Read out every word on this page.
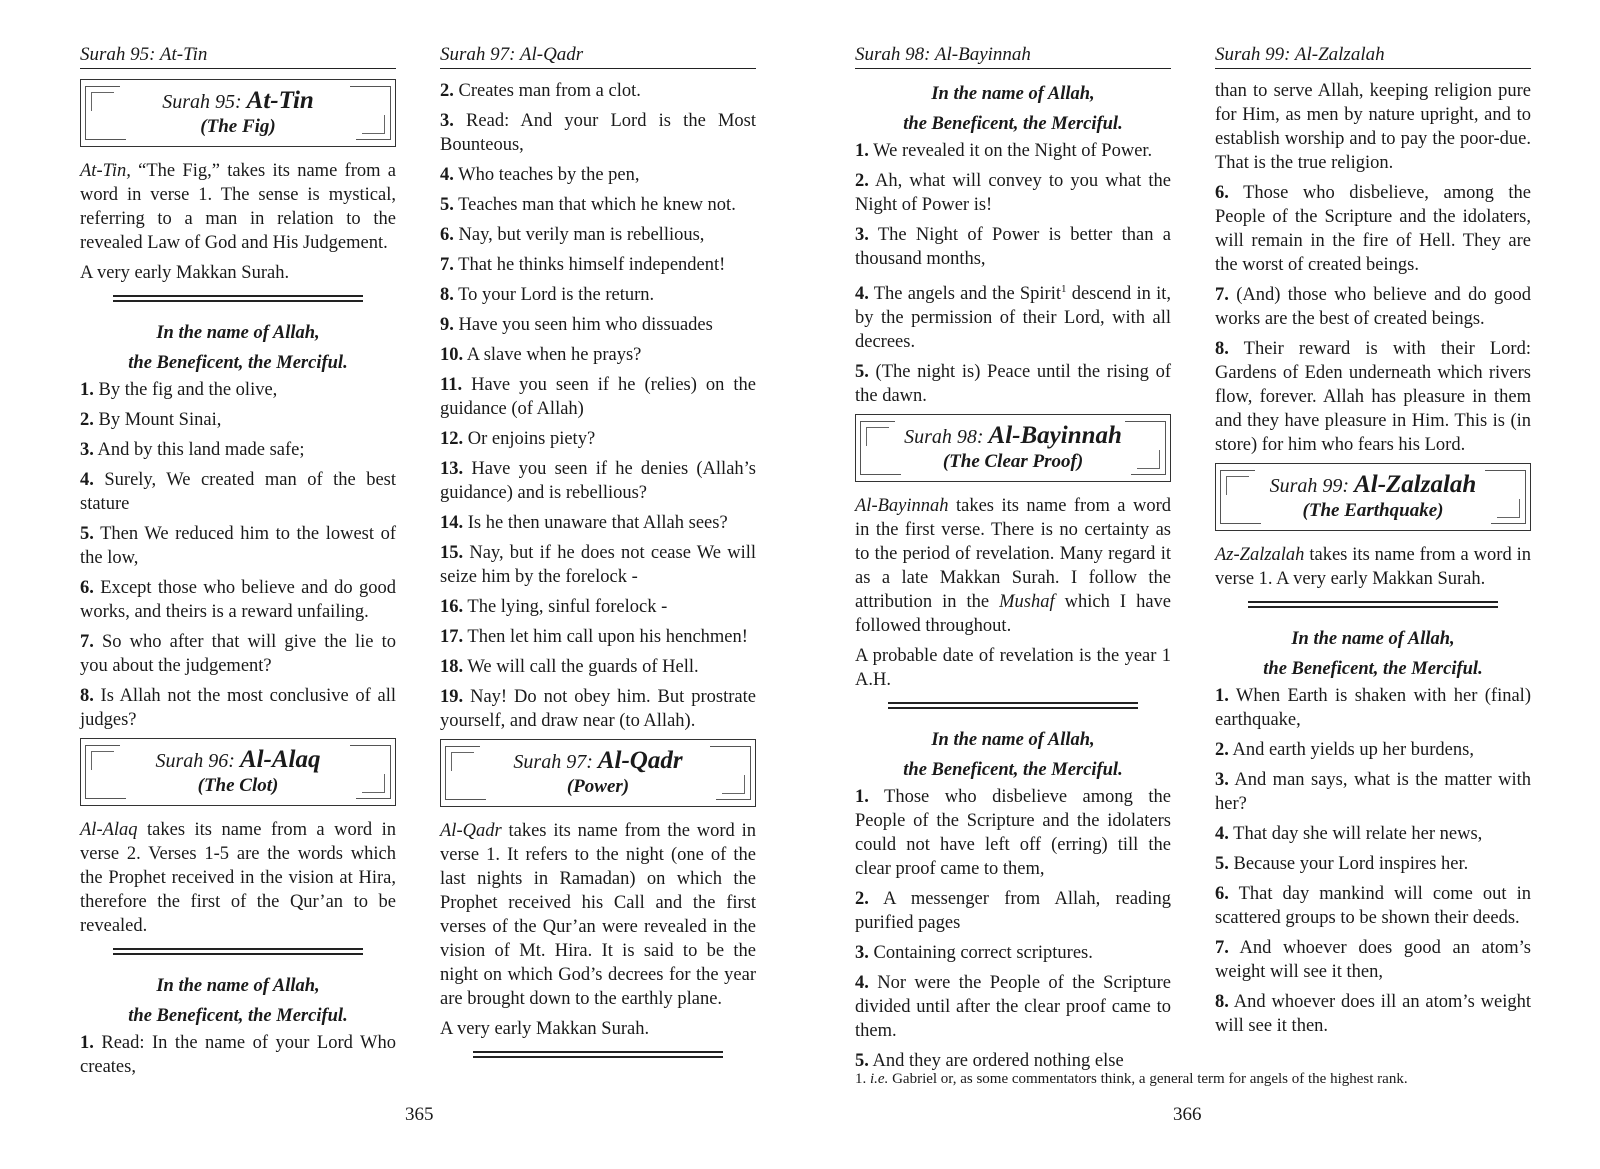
Surah 95: At-Tin
Surah 95: At-Tin
(The Fig)

At-Tin, “The Fig,” takes its name from a word in verse 1. The sense is mystical, referring to a man in relation to the revealed Law of God and His Judgement.

A very early Makkan Surah.

In the name of Allah,
the Beneficent, the Merciful.

1. By the fig and the olive,

2. By Mount Sinai,

3. And by this land made safe;

4. Surely, We created man of the best stature

5. Then We reduced him to the lowest of the low,

6. Except those who believe and do good works, and theirs is a reward unfailing.

7. So who after that will give the lie to you about the judgement?

8. Is Allah not the most conclusive of all judges?

Surah 96: Al-Alaq
(The Clot)

Al-Alaq takes its name from a word in verse 2. Verses 1-5 are the words which the Prophet received in the vision at Hira, therefore the first of the Qur’an to be revealed.

In the name of Allah,
the Beneficent, the Merciful.

1. Read: In the name of your Lord Who creates,

Surah 97: Al-Qadr

2. Creates man from a clot.

3. Read: And your Lord is the Most Bounteous,

4. Who teaches by the pen,

5. Teaches man that which he knew not.

6. Nay, but verily man is rebellious,

7. That he thinks himself independent!

8. To your Lord is the return.

9. Have you seen him who dissuades

10. A slave when he prays?

11. Have you seen if he (relies) on the guidance (of Allah)

12. Or enjoins piety?

13. Have you seen if he denies (Allah’s guidance) and is rebellious?

14. Is he then unaware that Allah sees?

15. Nay, but if he does not cease We will seize him by the forelock -

16. The lying, sinful forelock -

17. Then let him call upon his henchmen!

18. We will call the guards of Hell.

19. Nay! Do not obey him. But prostrate yourself, and draw near (to Allah).

Surah 97: Al-Qadr
(Power)

Al-Qadr takes its name from the word in verse 1. It refers to the night (one of the last nights in Ramadan) on which the Prophet received his Call and the first verses of the Qur’an were revealed in the vision of Mt. Hira. It is said to be the night on which God’s decrees for the year are brought down to the earthly plane.

A very early Makkan Surah.

Surah 98: Al-Bayinnah
In the name of Allah,
the Beneficent, the Merciful.

1. We revealed it on the Night of Power.

2. Ah, what will convey to you what the Night of Power is!

3. The Night of Power is better than a thousand months,

4. The angels and the Spirit$^1$ descend in it, by the permission of their Lord, with all decrees.

5. (The night is) Peace until the rising of the dawn.

Surah 98: Al-Bayinnah
(The Clear Proof)

Al-Bayinnah takes its name from a word in the first verse. There is no certainty as to the period of revelation. Many regard it as a late Makkan Surah. I follow the attribution in the Mushaf which I have followed throughout.

A probable date of revelation is the year 1 A.H.

In the name of Allah,
the Beneficent, the Merciful.

1. Those who disbelieve among the People of the Scripture and the idolaters could not have left off (erring) till the clear proof came to them,

2. A messenger from Allah, reading purified pages

3. Containing correct scriptures.

4. Nor were the People of the Scripture divided until after the clear proof came to them.

5. And they are ordered nothing else

Surah 99: Al-Zalzalah

than to serve Allah, keeping religion pure for Him, as men by nature upright, and to establish worship and to pay the poor-due. That is the true religion.

6. Those who disbelieve, among the People of the Scripture and the idolaters, will remain in the fire of Hell. They are the worst of created beings.

7. (And) those who believe and do good works are the best of created beings.

8. Their reward is with their Lord: Gardens of Eden underneath which rivers flow, forever. Allah has pleasure in them and they have pleasure in Him. This is (in store) for him who fears his Lord.

Surah 99: Al-Zalzalah
(The Earthquake)

Az-Zalzalah takes its name from a word in verse 1. A very early Makkan Surah.

In the name of Allah,
the Beneficent, the Merciful.

1. When Earth is shaken with her (final) earthquake,

2. And earth yields up her burdens,

3. And man says, what is the matter with her?

4. That day she will relate her news,

5. Because your Lord inspires her.

6. That day mankind will come out in scattered groups to be shown their deeds.

7. And whoever does good an atom’s weight will see it then,

8. And whoever does ill an atom’s weight will see it then.

1. i.e. Gabriel or, as some commentators think, a general term for angels of the highest rank.
365	366
